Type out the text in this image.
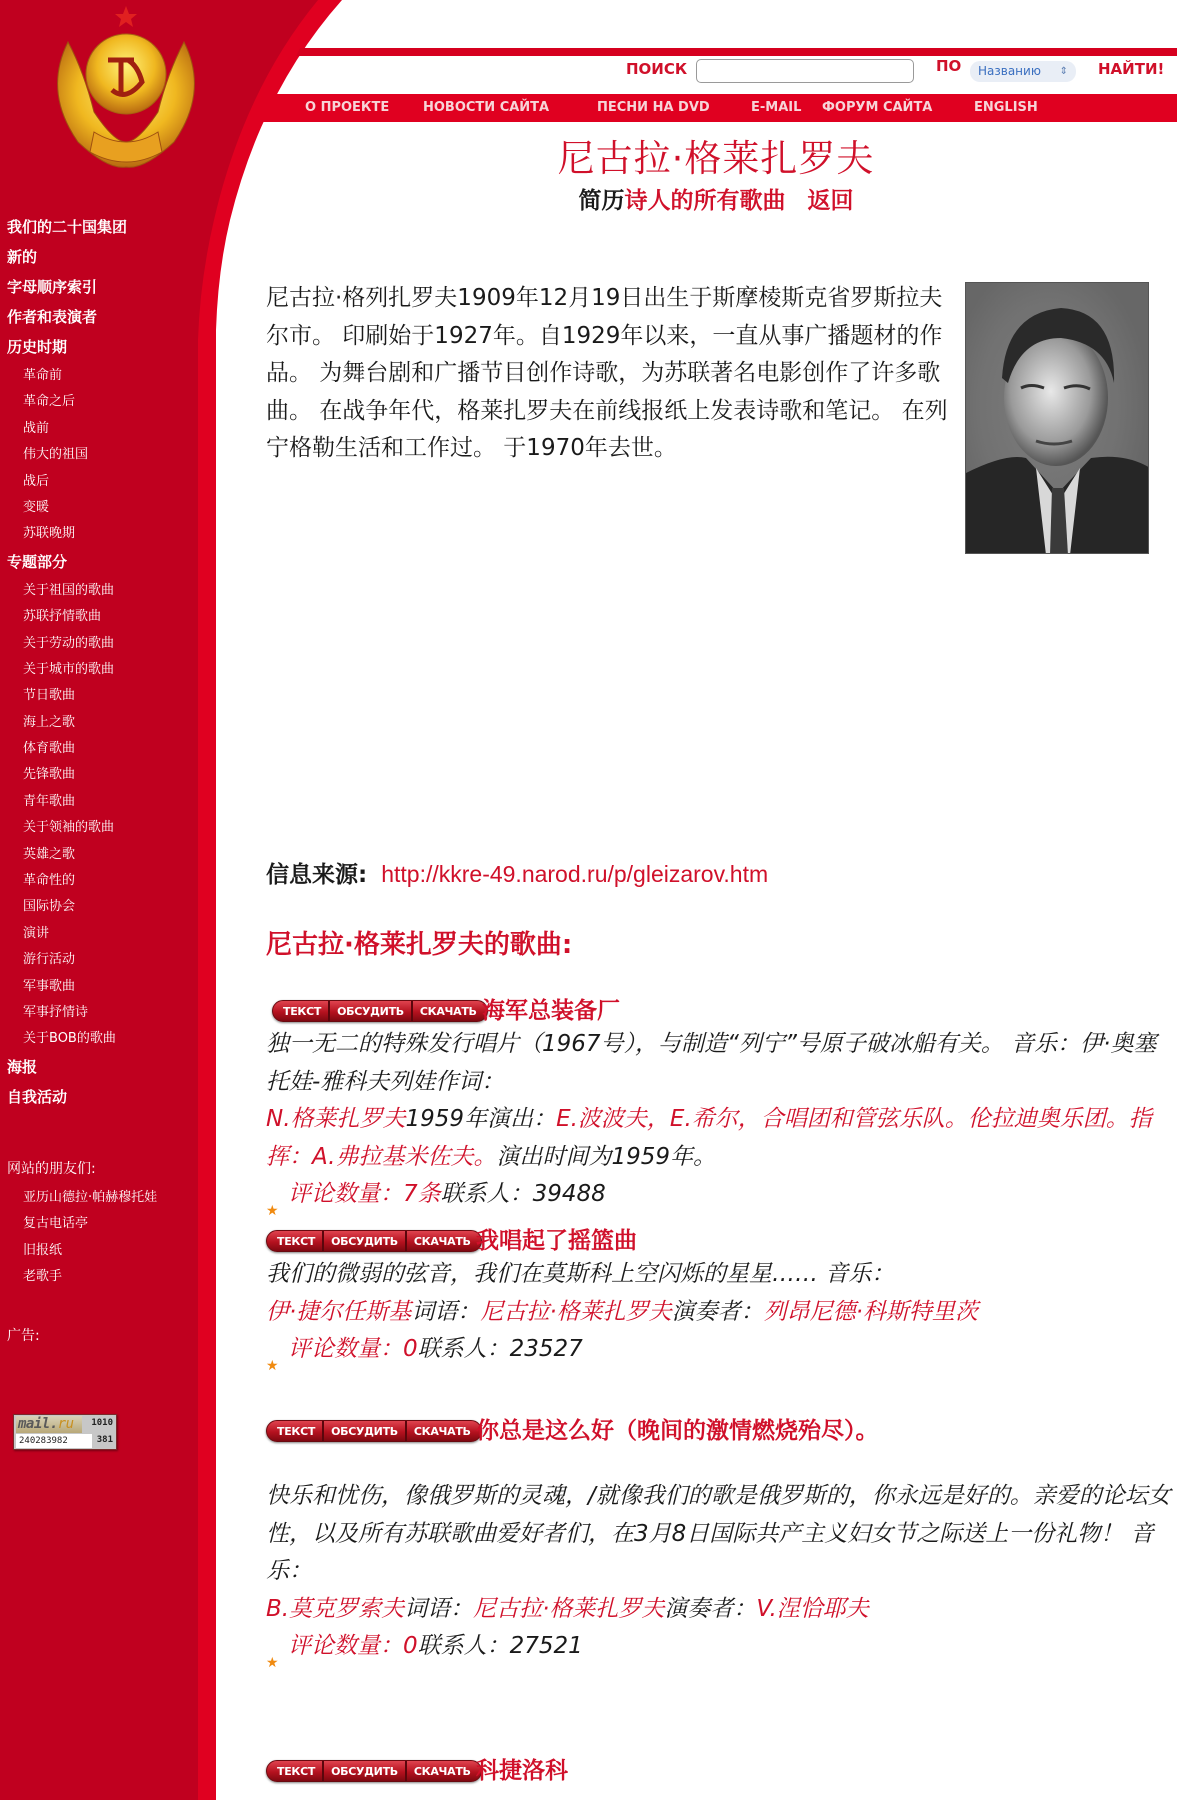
我们的二十国集团
新的
字母顺序索引
作者和表演者
历史时期
革命前
革命之后
战前
伟大的祖国
战后
变暖
苏联晚期
专题部分
关于祖国的歌曲
苏联抒情歌曲
关于劳动的歌曲
关于城市的歌曲
节日歌曲
海上之歌
体育歌曲
先锋歌曲
青年歌曲
关于领袖的歌曲
英雄之歌
革命性的
国际协会
演讲
游行活动
军事歌曲
军事抒情诗
关于BOB的歌曲
海报
自我活动
网站的朋友们:
亚历山德拉·帕赫穆托娃
复古电话亭
旧报纸
老歌手
广告:
mail.ru
240283982
1010
381
ПОИСК	ПО	Названию ⇕ НАЙТИ!
О ПРОЕКТЕ	НОВОСТИ САЙТА	ПЕСНИ НА DVD	E-MAIL ФОРУМ САЙТА	ENGLISH
尼古拉·格莱扎罗夫
简历诗人的所有歌曲 返回

尼古拉·格列扎罗夫1909年12月19日出生于斯摩棱斯克省罗斯拉夫尔市。 印刷始于1927年。自1929年以来，一直从事广播题材的作品。 为舞台剧和广播节目创作诗歌，为苏联著名电影创作了许多歌曲。 在战争年代，格莱扎罗夫在前线报纸上发表诗歌和笔记。 在列宁格勒生活和工作过。 于1970年去世。

信息来源: http://kkre-49.narod.ru/p/gleizarov.htm
尼古拉·格莱扎罗夫的歌曲:
ТЕКСТ	ОБСУДИТЬ	СКАЧАТЬ 海军总装备厂
独一无二的特殊发行唱片（1967号），与制造“列宁”号原子破冰船有关。 音乐：伊·奥塞托娃-雅科夫列娃作词：
N.格莱扎罗夫1959年演出：E.波波夫，E.希尔，合唱团和管弦乐队。伦拉迪奥乐团。指挥：A.弗拉基米佐夫。演出时间为1959年。
★
评论数量：7条联系人：39488
ТЕКСТ	ОБСУДИТЬ	СКАЧАТЬ 我唱起了摇篮曲
我们的微弱的弦音，我们在莫斯科上空闪烁的星星…… 音乐：
伊·捷尔任斯基词语：尼古拉·格莱扎罗夫演奏者：列昂尼德·科斯特里茨
★
评论数量：0联系人：23527
ТЕКСТ	ОБСУДИТЬ	СКАЧАТЬ 你总是这么好（晚间的激情燃烧殆尽）。
快乐和忧伤，像俄罗斯的灵魂，/就像我们的歌是俄罗斯的，你永远是好的。亲爱的论坛女性，以及所有苏联歌曲爱好者们，在3月8日国际共产主义妇女节之际送上一份礼物！ 音乐：
B.莫克罗索夫词语：尼古拉·格莱扎罗夫演奏者：V.涅恰耶夫
★
评论数量：0联系人：27521
ТЕКСТ	ОБСУДИТЬ	СКАЧАТЬ 科捷洛科
